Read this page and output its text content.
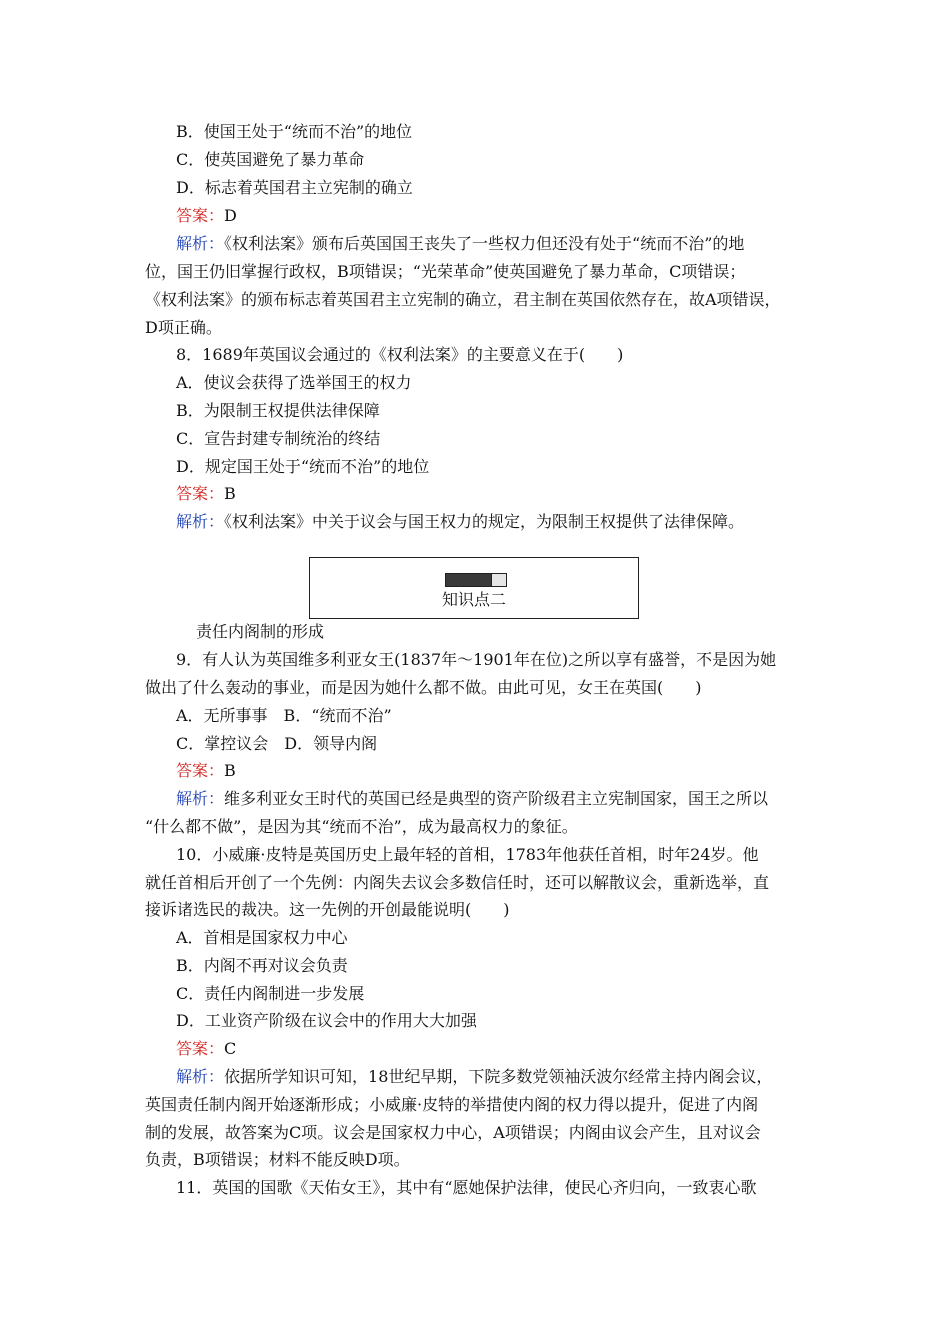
B．使国王处于“统而不治”的地位
C．使英国避免了暴力革命
D．标志着英国君主立宪制的确立
答案：D
解析：《权利法案》颁布后英国国王丧失了一些权力但还没有处于“统而不治”的地
位，国王仍旧掌握行政权，B项错误；“光荣革命”使英国避免了暴力革命，C项错误；
《权利法案》的颁布标志着英国君主立宪制的确立，君主制在英国依然存在，故A项错误，
D项正确。
8．1689年英国议会通过的《权利法案》的主要意义在于(　　)
A．使议会获得了选举国王的权力
B．为限制王权提供法律保障
C．宣告封建专制统治的终结
D．规定国王处于“统而不治”的地位
答案：B
解析：《权利法案》中关于议会与国王权力的规定，为限制王权提供了法律保障。
知识点二
责任内阁制的形成
9．有人认为英国维多利亚女王(1837年～1901年在位)之所以享有盛誉，不是因为她
做出了什么轰动的事业，而是因为她什么都不做。由此可见，女王在英国(　　)
A．无所事事　B．“统而不治”
C．掌控议会　D．领导内阁
答案：B
解析：维多利亚女王时代的英国已经是典型的资产阶级君主立宪制国家，国王之所以
“什么都不做”，是因为其“统而不治”，成为最高权力的象征。
10．小威廉·皮特是英国历史上最年轻的首相，1783年他获任首相，时年24岁。他
就任首相后开创了一个先例：内阁失去议会多数信任时，还可以解散议会，重新选举，直
接诉诸选民的裁决。这一先例的开创最能说明(　　)
A．首相是国家权力中心
B．内阁不再对议会负责
C．责任内阁制进一步发展
D．工业资产阶级在议会中的作用大大加强
答案：C
解析：依据所学知识可知，18世纪早期，下院多数党领袖沃波尔经常主持内阁会议，
英国责任制内阁开始逐渐形成；小威廉·皮特的举措使内阁的权力得以提升，促进了内阁
制的发展，故答案为C项。议会是国家权力中心，A项错误；内阁由议会产生，且对议会
负责，B项错误；材料不能反映D项。
11．英国的国歌《天佑女王》，其中有“愿她保护法律，使民心齐归向，一致衷心歌
